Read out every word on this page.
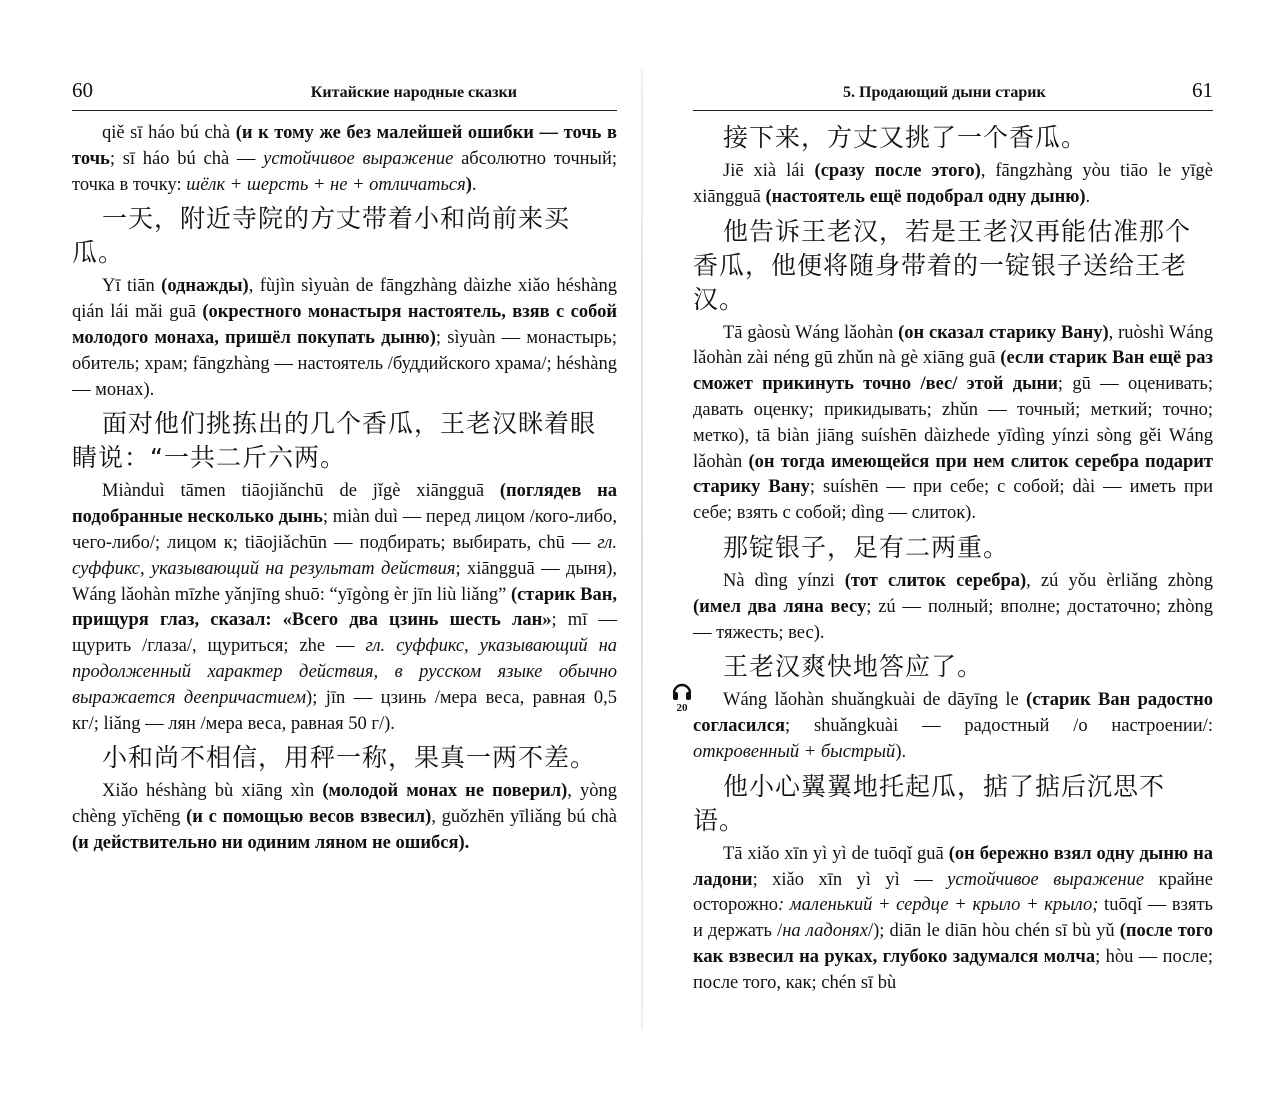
60	Китайские народные сказки
qiě sī háo bú chà (и к тому же без малейшей ошибки — точь в точь; sī háo bú chà — устойчивое выражение абсолютно точный; точка в точку: шёлк + шерсть + не + отличаться).
一天，附近寺院的方丈带着小和尚前来买瓜。
Yī tiān (однажды), fùjìn sìyuàn de fāngzhàng dàizhe xiǎo héshàng qián lái mǎi guā (окрестного монастыря настоятель, взяв с собой молодого монаха, пришёл покупать дыню); sìyuàn — монастырь; обитель; храм; fāngzhàng — настоятель /буддийского храма/; héshàng — монах).
面对他们挑拣出的几个香瓜，王老汉眯着眼睛说：“一共二斤六两。
Miànduì tāmen tiāojiǎnchū de jǐgè xiāngguā (поглядев на подобранные несколько дынь; miàn duì — перед лицом /кого-либо, чего-либо/; лицом к; tiāojiǎchūn — подбирать; выбирать, chū — гл. суффикс, указывающий на результат действия; xiāngguā — дыня), Wáng lǎohàn mīzhe yǎnjīng shuō: “yīgòng èr jīn liù liǎng” (старик Ван, прищуря глаз, сказал: «Всего два цзинь шесть лан»; mī — щурить /глаза/, щуриться; zhe — гл. суффикс, указывающий на продолженный характер действия, в русском языке обычно выражается деепричастием); jīn — цзинь /мера веса, равная 0,5 кг/; liǎng — лян /мера веса, равная 50 г/).
小和尚不相信，用秤一称，果真一两不差。
Xiǎo héshàng bù xiāng xìn (молодой монах не поверил), yòng chèng yīchēng (и с помощью весов взвесил), guǒzhēn yīliǎng bú chà (и действительно ни одиним ляном не ошибся).
5. Продающий дыни старик	61
接下来，方丈又挑了一个香瓜。
Jiē xià lái (сразу после этого), fāngzhàng yòu tiāo le yīgè xiāngguā (настоятель ещё подобрал одну дыню).
他告诉王老汉，若是王老汉再能估准那个香瓜，他便将随身带着的一锭银子送给王老汉。
Tā gàosù Wáng lǎohàn (он сказал старику Вану), ruòshì Wáng lǎohàn zài néng gū zhǔn nà gè xiāng guā (если старик Ван ещё раз сможет прикинуть точно /вес/ этой дыни; gū — оценивать; давать оценку; прикидывать; zhǔn — точный; меткий; точно; метко), tā biàn jiāng suíshēn dàizhede yīdìng yínzi sòng gěi Wáng lǎohàn (он тогда имеющейся при нем слиток серебра подарит старику Вану; suíshēn — при себе; с собой; dài — иметь при себе; взять с собой; dìng — слиток).
那锭银子，足有二两重。
Nà dìng yínzi (тот слиток серебра), zú yǒu èrliǎng zhòng (имел два ляна весу; zú — полный; вполне; достаточно; zhòng — тяжесть; вес).
王老汉爽快地答应了。
Wáng lǎohàn shuǎngkuài de dāyīng le (старик Ван радостно согласился; shuǎngkuài — радостный /о настроении/: откровенный + быстрый).
他小心翼翼地托起瓜，掂了掂后沉思不语。
Tā xiǎo xīn yì yì de tuōqǐ guā (он бережно взял одну дыню на ладони; xiǎo xīn yì yì — устойчивое выражение крайне осторожно: маленький + сердце + крыло + крыло; tuōqǐ — взять и держать /на ладонях/); diān le diān hòu chén sī bù yǔ (после того как взвесил на руках, глубоко задумался молча; hòu — после; после того, как; chén sī bù
20
